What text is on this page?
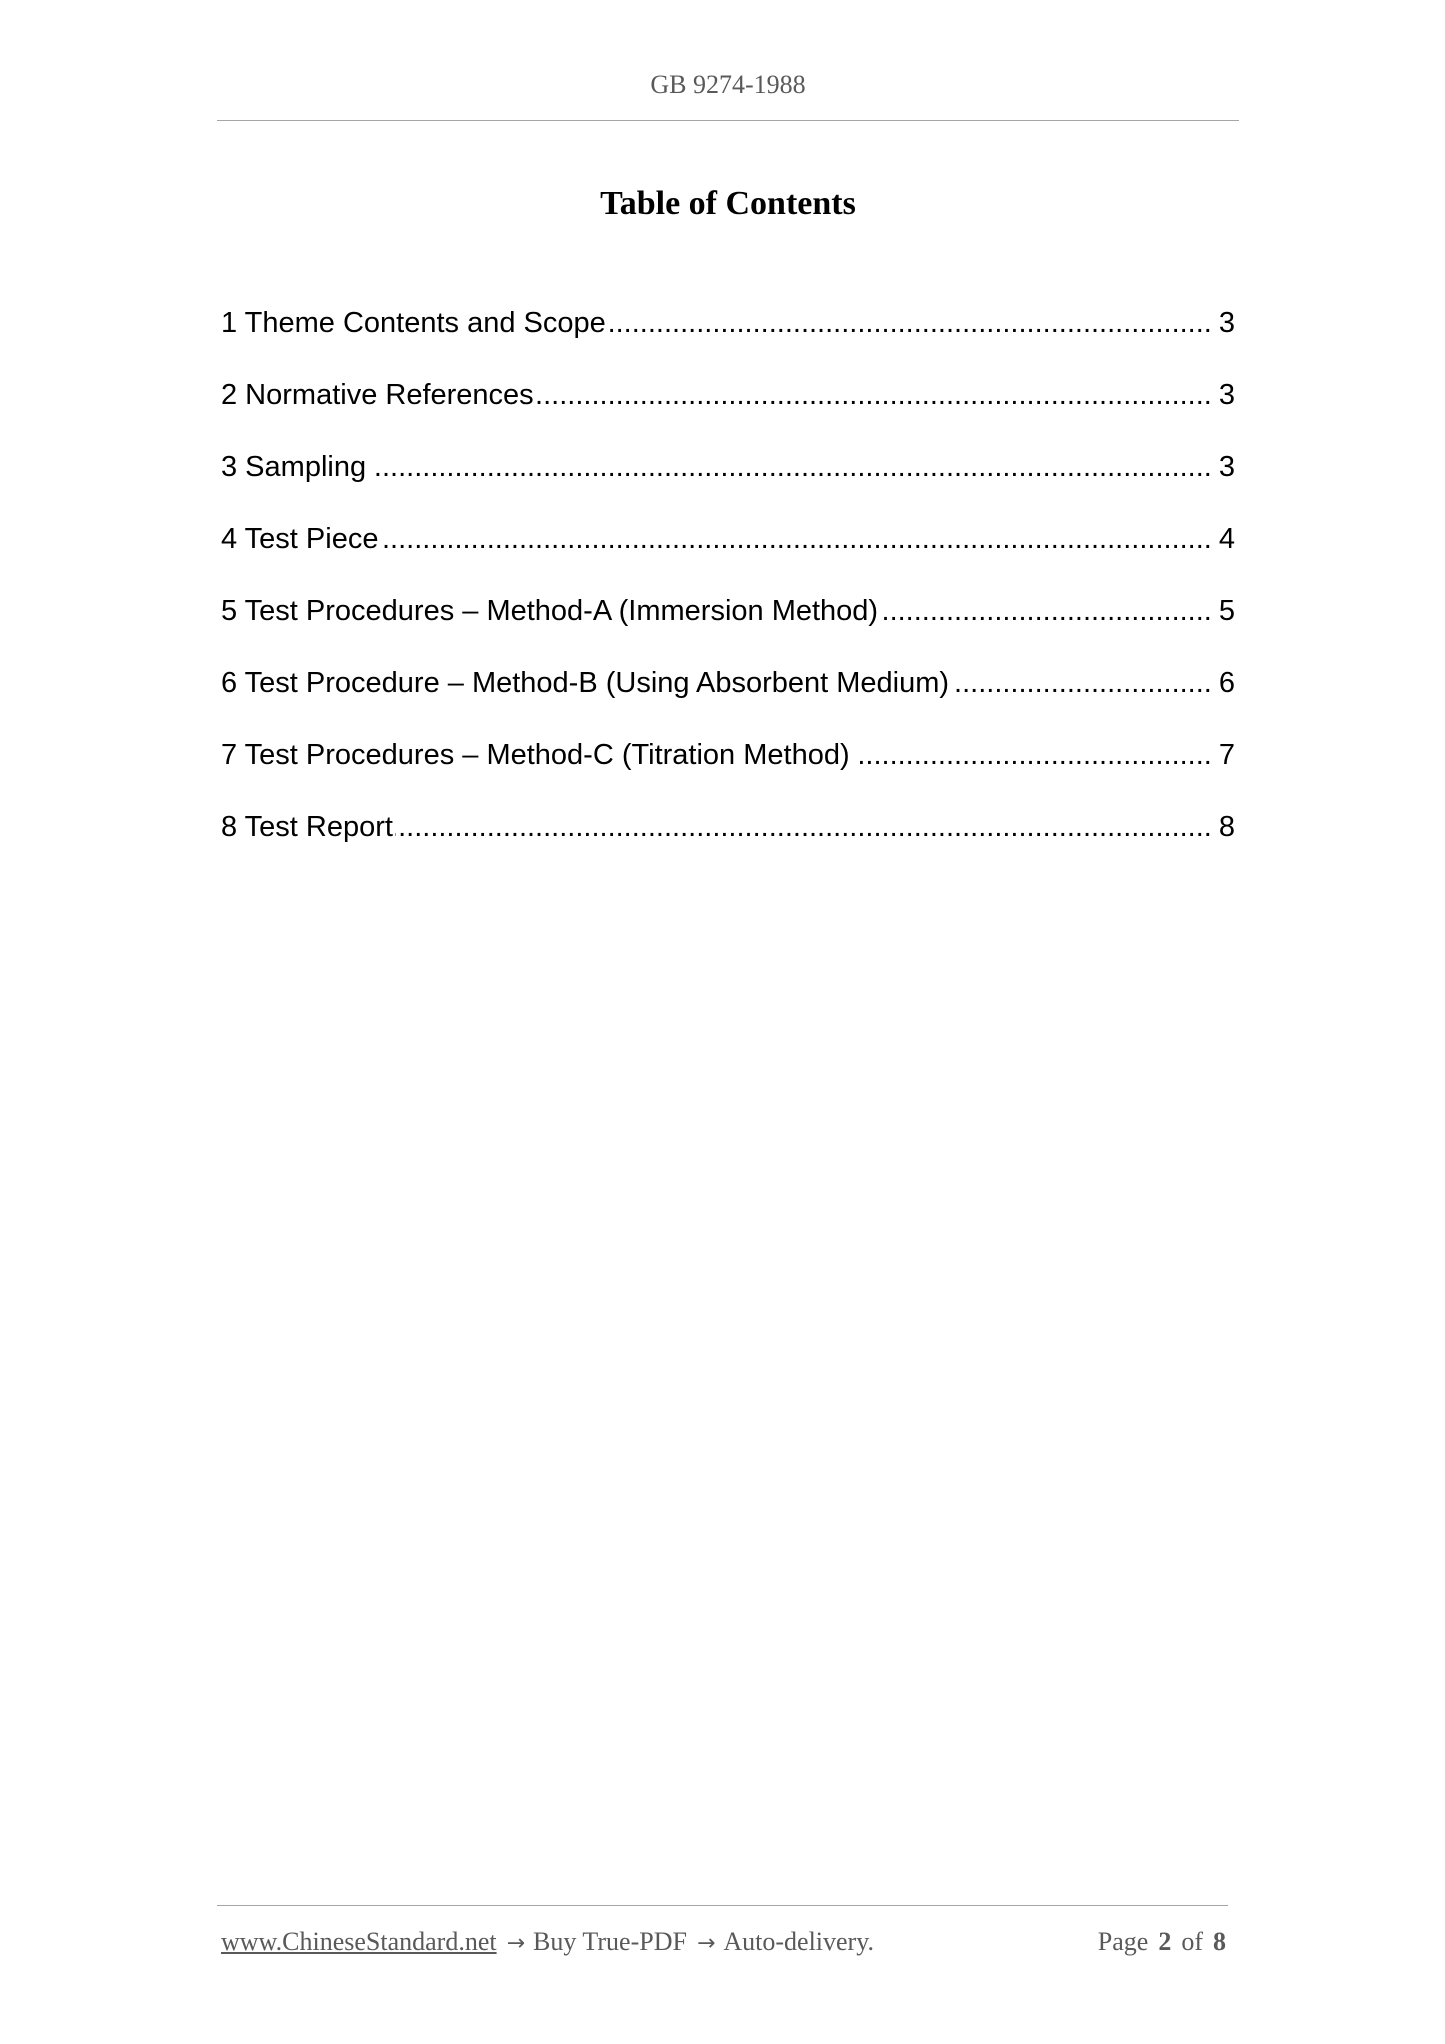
GB 9274-1988
Table of Contents
1 Theme Contents and Scope .....	3
2 Normative References .....	3
3 Sampling .....	3
4 Test Piece .....	4
5 Test Procedures – Method-A (Immersion Method) .....	5
6 Test Procedure – Method-B (Using Absorbent Medium) .....	6
7 Test Procedures – Method-C (Titration Method) .....	7
8 Test Report .....	8
www.ChineseStandard.net → Buy True-PDF → Auto-delivery.	Page 2 of 8
